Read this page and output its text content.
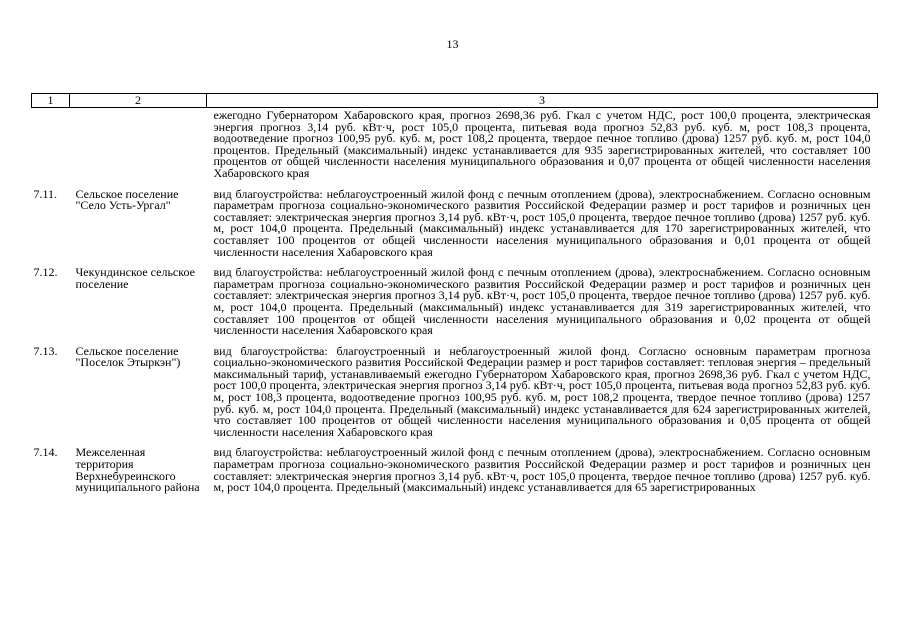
13
1	2	3
		ежегодно Губернатором Хабаровского края, прогноз 2698,36 руб. Гкал с учетом НДС, рост 100,0 процента, электрическая энергия прогноз 3,14 руб. кВт·ч, рост 105,0 процента, питьевая вода прогноз 52,83 руб. куб. м, рост 108,3 процента, водоотведение прогноз 100,95 руб. куб. м, рост 108,2 процента, твердое печное топливо (дрова) 1257 руб. куб. м, рост 104,0 процентов. Предельный (максимальный) индекс устанавливается для 935 зарегистрированных жителей, что составляет 100 процентов от общей численности населения муниципального образования и 0,07 процента от общей численности населения Хабаровского края
7.11.	Сельское поселение "Село Усть-Ургал"	вид благоустройства: неблагоустроенный жилой фонд с печным отоплением (дрова), электроснабжением. Согласно основным параметрам прогноза социально-экономического развития Российской Федерации размер и рост тарифов и розничных цен составляет: электрическая энергия прогноз 3,14 руб. кВт·ч, рост 105,0 процента, твердое печное топливо (дрова) 1257 руб. куб. м, рост 104,0 процента. Предельный (максимальный) индекс устанавливается для 170 зарегистрированных жителей, что составляет 100 процентов от общей численности населения муниципального образования и 0,01 процента от общей численности населения Хабаровского края
7.12.	Чекундинское сельское поселение	вид благоустройства: неблагоустроенный жилой фонд с печным отоплением (дрова), электроснабжением. Согласно основным параметрам прогноза социально-экономического развития Российской Федерации размер и рост тарифов и розничных цен составляет: электрическая энергия прогноз 3,14 руб. кВт·ч, рост 105,0 процента, твердое печное топливо (дрова) 1257 руб. куб. м, рост 104,0 процента. Предельный (максимальный) индекс устанавливается для 319 зарегистрированных жителей, что составляет 100 процентов от общей численности населения муниципального образования и 0,02 процента от общей численности населения Хабаровского края
7.13.	Сельское поселение "Поселок Этыркэн")	вид благоустройства: благоустроенный и неблагоустроенный жилой фонд. Согласно основным параметрам прогноза социально-экономического развития Российской Федерации размер и рост тарифов составляет: тепловая энергия – предельный максимальный тариф, устанавливаемый ежегодно Губернатором Хабаровского края, прогноз 2698,36 руб. Гкал с учетом НДС, рост 100,0 процента, электрическая энергия прогноз 3,14 руб. кВт·ч, рост 105,0 процента, питьевая вода прогноз 52,83 руб. куб. м, рост 108,3 процента, водоотведение прогноз 100,95 руб. куб. м, рост 108,2 процента, твердое печное топливо (дрова) 1257 руб. куб. м, рост 104,0 процента. Предельный (максимальный) индекс устанавливается для 624 зарегистрированных жителей, что составляет 100 процентов от общей численности населения муниципального образования и 0,05 процента от общей численности населения Хабаровского края
7.14.	Межселенная территория Верхнебуреинского муниципального района	вид благоустройства: неблагоустроенный жилой фонд с печным отоплением (дрова), электроснабжением. Согласно основным параметрам прогноза социально-экономического развития Российской Федерации размер и рост тарифов и розничных цен составляет: электрическая энергия прогноз 3,14 руб. кВт·ч, рост 105,0 процента, твердое печное топливо (дрова) 1257 руб. куб. м, рост 104,0 процента. Предельный (максимальный) индекс устанавливается для 65 зарегистрированных
